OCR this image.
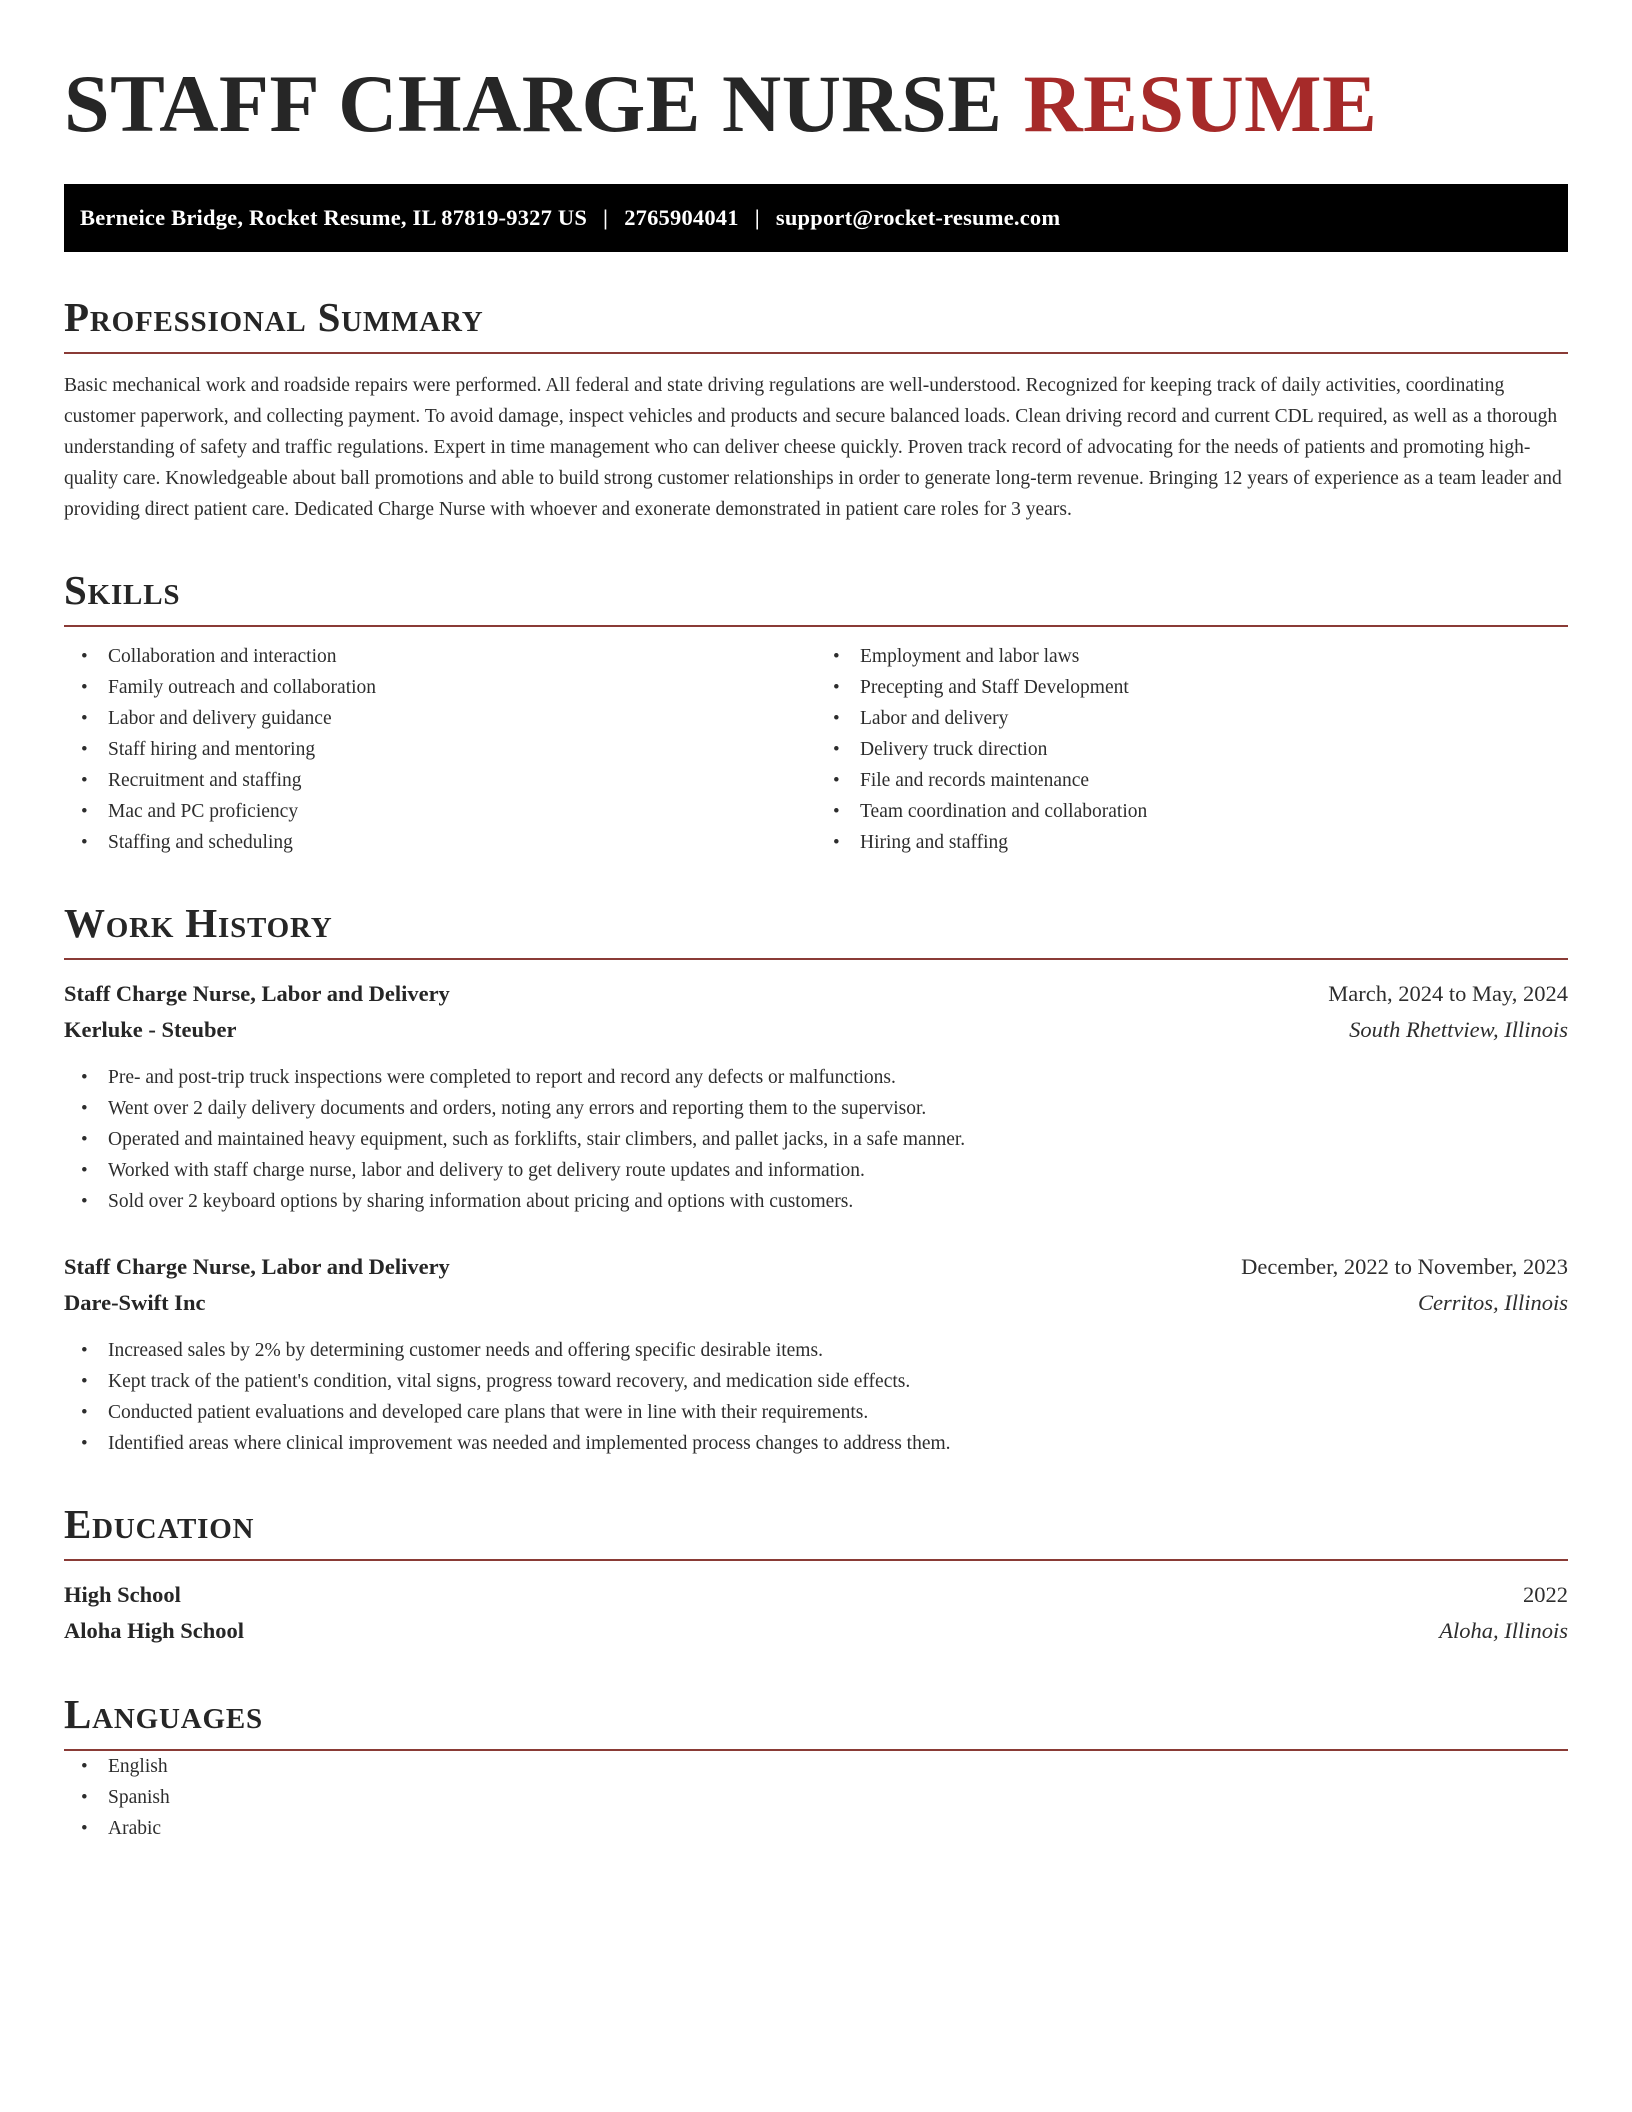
STAFF CHARGE NURSE RESUME
Berneice Bridge, Rocket Resume, IL 87819-9327 US | 2765904041 | support@rocket-resume.com
Professional Summary

Basic mechanical work and roadside repairs were performed. All federal and state driving regulations are well-understood. Recognized for keeping track of daily activities, coordinating customer paperwork, and collecting payment. To avoid damage, inspect vehicles and products and secure balanced loads. Clean driving record and current CDL required, as well as a thorough understanding of safety and traffic regulations. Expert in time management who can deliver cheese quickly. Proven track record of advocating for the needs of patients and promoting high-quality care. Knowledgeable about ball promotions and able to build strong customer relationships in order to generate long-term revenue. Bringing 12 years of experience as a team leader and providing direct patient care. Dedicated Charge Nurse with whoever and exonerate demonstrated in patient care roles for 3 years.

Skills
• Collaboration and interaction
• Family outreach and collaboration
• Labor and delivery guidance
• Staff hiring and mentoring
• Recruitment and staffing
• Mac and PC proficiency
• Staffing and scheduling
• Employment and labor laws
• Precepting and Staff Development
• Labor and delivery
• Delivery truck direction
• File and records maintenance
• Team coordination and collaboration
• Hiring and staffing
Work History
Staff Charge Nurse, Labor and Delivery	March, 2024 to May, 2024
Kerluke - Steuber	South Rhettview, Illinois
• Pre- and post-trip truck inspections were completed to report and record any defects or malfunctions.
• Went over 2 daily delivery documents and orders, noting any errors and reporting them to the supervisor.
• Operated and maintained heavy equipment, such as forklifts, stair climbers, and pallet jacks, in a safe manner.
• Worked with staff charge nurse, labor and delivery to get delivery route updates and information.
• Sold over 2 keyboard options by sharing information about pricing and options with customers.
Staff Charge Nurse, Labor and Delivery	December, 2022 to November, 2023
Dare-Swift Inc	Cerritos, Illinois
• Increased sales by 2% by determining customer needs and offering specific desirable items.
• Kept track of the patient's condition, vital signs, progress toward recovery, and medication side effects.
• Conducted patient evaluations and developed care plans that were in line with their requirements.
• Identified areas where clinical improvement was needed and implemented process changes to address them.
Education
High School	2022
Aloha High School	Aloha, Illinois
Languages
• English
• Spanish
• Arabic
